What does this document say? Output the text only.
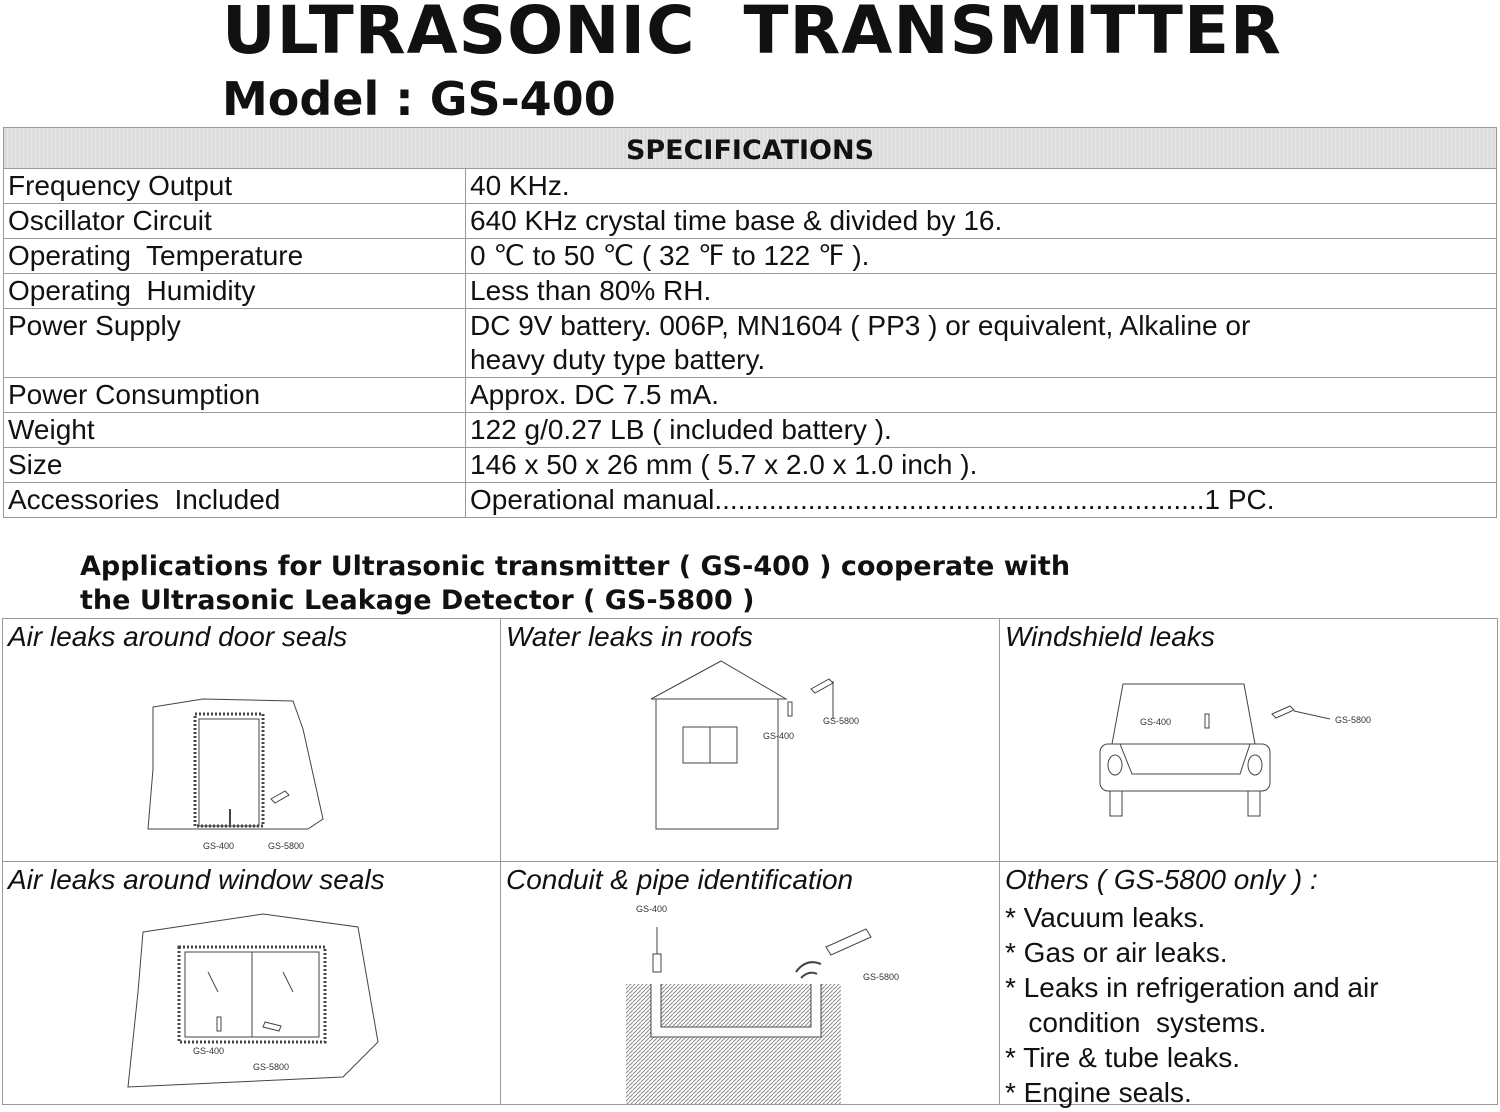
ULTRASONIC  TRANSMITTER
Model : GS-400
SPECIFICATIONS	
Frequency Output	40 KHz.
Oscillator Circuit	640 KHz crystal time base & divided by 16.
Operating  Temperature	0 ℃ to 50 ℃ ( 32 ℉ to 122 ℉ ).
Operating  Humidity	Less than 80% RH.
Power Supply	DC 9V battery. 006P, MN1604 ( PP3 ) or equivalent, Alkaline or
heavy duty type battery.
Power Consumption	Approx. DC 7.5 mA.
Weight	122 g/0.27 LB ( included battery ).
Size	146 x 50 x 26 mm ( 5.7 x 2.0 x 1.0 inch ).
Accessories  Included	Operational manual...............................................................1 PC.
Applications for Ultrasonic transmitter ( GS-400 ) cooperate with
the Ultrasonic Leakage Detector ( GS-5800 )
Air leaks around door seals
GS-400	GS-5800
Water leaks in roofs
GS-400
GS-5800
Windshield leaks
GS-400	GS-5800
Air leaks around window seals
GS-400
GS-5800
Conduit & pipe identification
GS-400
GS-5800
Others ( GS-5800 only ) :
* Vacuum leaks.
* Gas or air leaks.
* Leaks in refrigeration and air
condition  systems.
* Tire & tube leaks.
* Engine seals.
